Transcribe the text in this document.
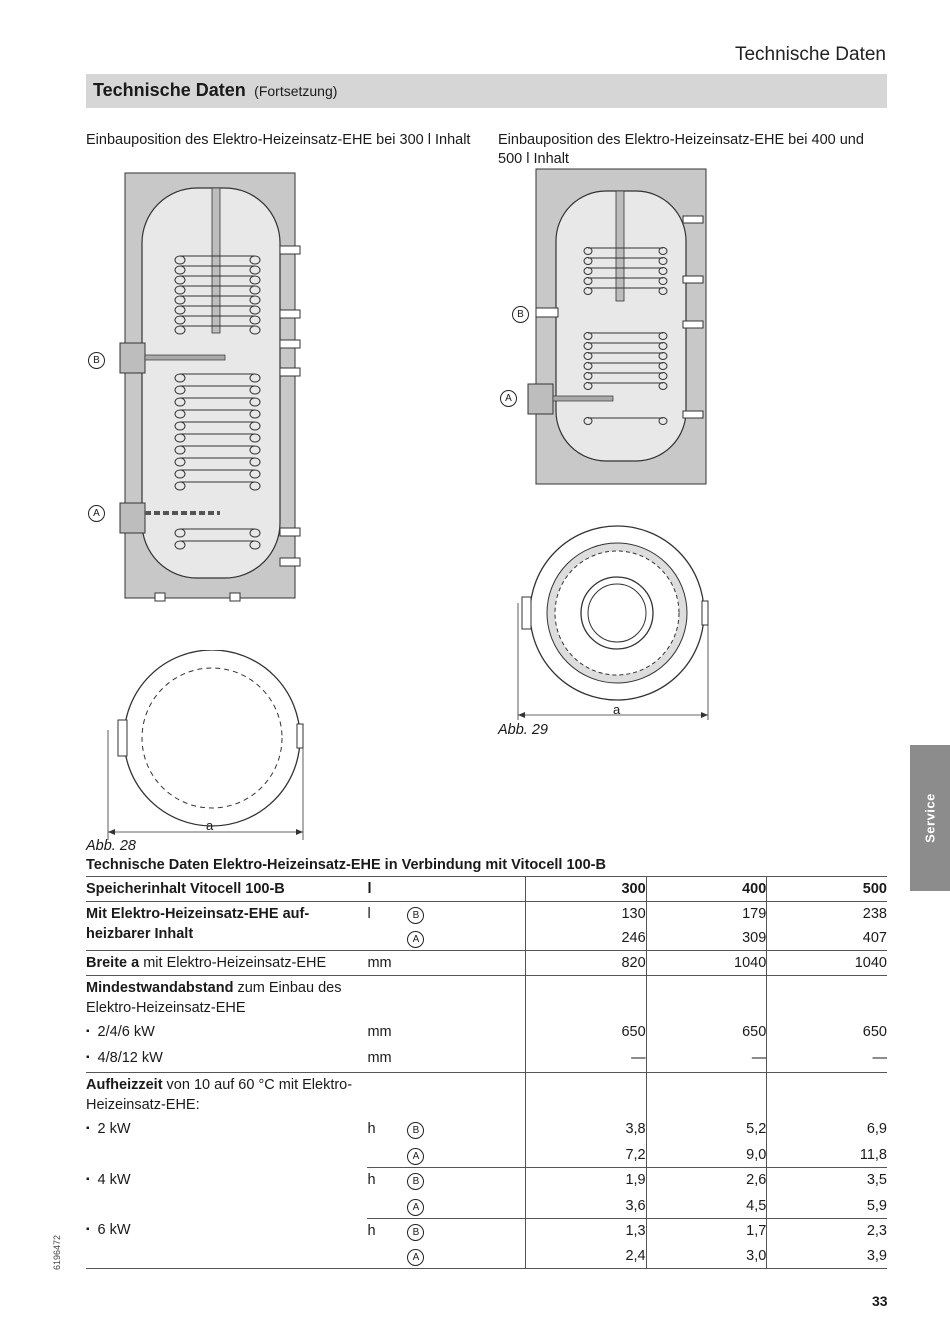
Technische Daten
Technische Daten (Fortsetzung)
Einbauposition des Elektro-Heizeinsatz-EHE bei 300 l Inhalt	Einbauposition des Elektro-Heizeinsatz-EHE bei 400 und 500 l Inhalt
B
A
a
Abb. 28
B
A
a
Abb. 29
Service
Technische Daten Elektro-Heizeinsatz-EHE in Verbindung mit Vitocell 100-B
Speicherinhalt Vitocell 100-B	l		300	400	500
Mit Elektro-Heizeinsatz-EHE auf-heizbarer Inhalt	l	B	130	179	238
		A	246	309	407
Breite a mit Elektro-Heizeinsatz-EHE	mm		820	1040	1040
Mindestwandabstand zum Einbau des Elektro-Heizeinsatz-EHE					
▪ 2/4/6 kW	mm		650	650	650
▪ 4/8/12 kW	mm		—	—	—
Aufheizzeit von 10 auf 60 °C mit Elektro-Heizeinsatz-EHE:					
▪ 2 kW	h	B	3,8	5,2	6,9
		A	7,2	9,0	11,8
▪ 4 kW	h	B	1,9	2,6	3,5
		A	3,6	4,5	5,9
▪ 6 kW	h	B	1,3	1,7	2,3
		A	2,4	3,0	3,9
6196472
33
